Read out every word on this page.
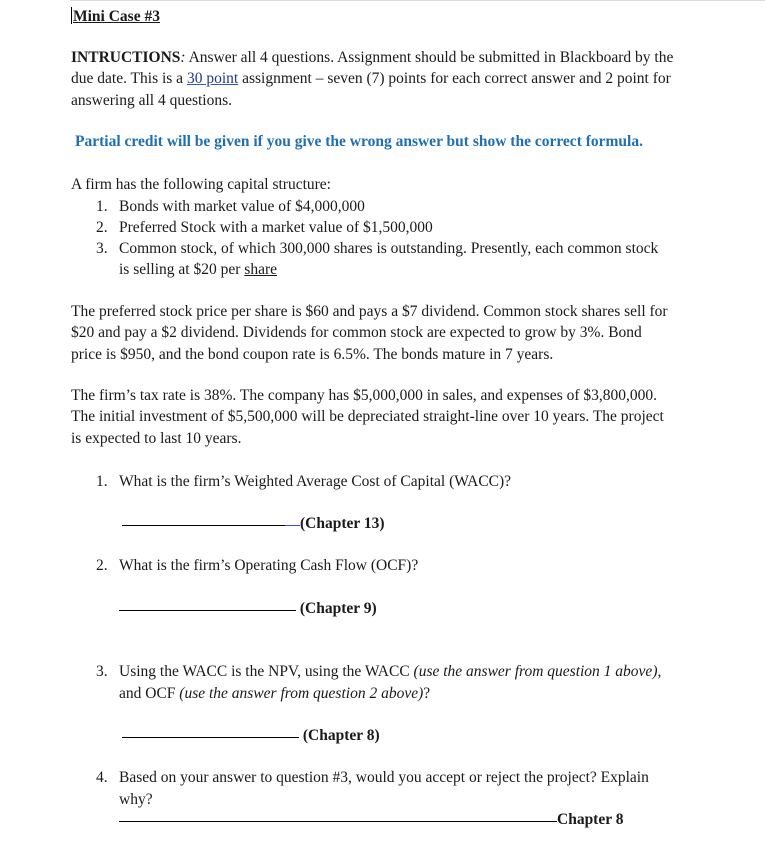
Mini Case #3
INTRUCTIONS: Answer all 4 questions. Assignment should be submitted in Blackboard by the
due date. This is a 30 point assignment – seven (7) points for each correct answer and 2 point for
answering all 4 questions.
Partial credit will be given if you give the wrong answer but show the correct formula.
A firm has the following capital structure:
1. Bonds with market value of $4,000,000
2. Preferred Stock with a market value of $1,500,000
3. Common stock, of which 300,000 shares is outstanding. Presently, each common stock
is selling at $20 per share
The preferred stock price per share is $60 and pays a $7 dividend. Common stock shares sell for
$20 and pay a $2 dividend. Dividends for common stock are expected to grow by 3%. Bond
price is $950, and the bond coupon rate is 6.5%. The bonds mature in 7 years.
The firm’s tax rate is 38%. The company has $5,000,000 in sales, and expenses of $3,800,000.
The initial investment of $5,500,000 will be depreciated straight-line over 10 years. The project
is expected to last 10 years.
1. What is the firm’s Weighted Average Cost of Capital (WACC)?
(Chapter 13)
2. What is the firm’s Operating Cash Flow (OCF)?
(Chapter 9)
3. Using the WACC is the NPV, using the WACC (use the answer from question 1 above),
and OCF (use the answer from question 2 above)?
(Chapter 8)
4. Based on your answer to question #3, would you accept or reject the project? Explain
why?
Chapter 8
